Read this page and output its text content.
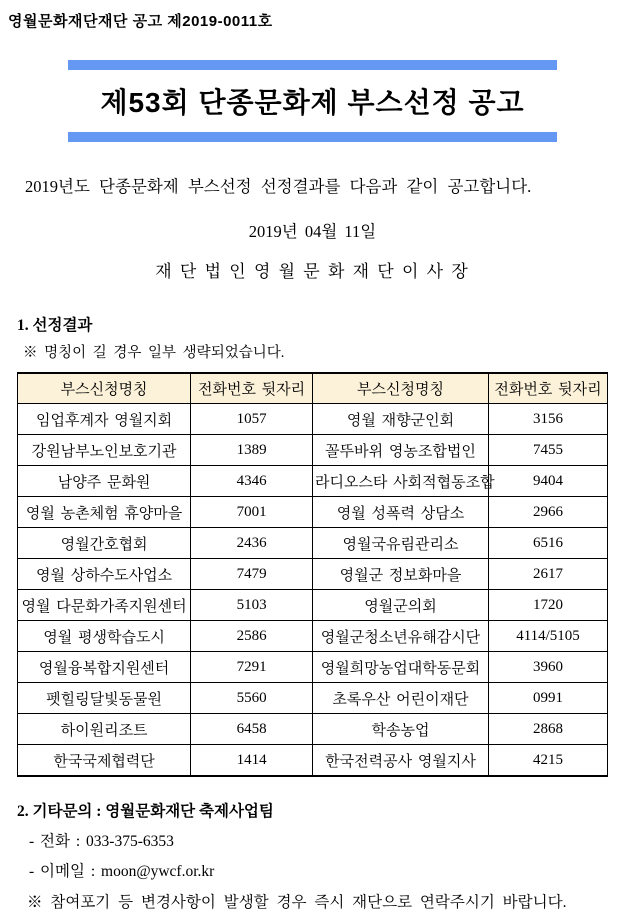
영월문화재단재단 공고 제2019-0011호
제53회 단종문화제 부스선정 공고
2019년도 단종문화제 부스선정 선정결과를 다음과 같이 공고합니다.
2019년 04월 11일
재 단 법 인 영 월 문 화 재 단 이 사 장
1. 선정결과
※ 명칭이 길 경우 일부 생략되었습니다.
부스신청명칭	전화번호 뒷자리	부스신청명칭	전화번호 뒷자리
임업후계자 영월지회	1057	영월 재향군인회	3156
강원남부노인보호기관	1389	꼴뚜바위 영농조합법인	7455
남양주 문화원	4346	라디오스타 사회적협동조합	9404
영월 농촌체험 휴양마을	7001	영월 성폭력 상담소	2966
영월간호협회	2436	영월국유림관리소	6516
영월 상하수도사업소	7479	영월군 정보화마을	2617
영월 다문화가족지원센터	5103	영월군의회	1720
영월 평생학습도시	2586	영월군청소년유해감시단	4114/5105
영월융복합지원센터	7291	영월희망농업대학동문회	3960
펫힐링달빛동물원	5560	초록우산 어린이재단	0991
하이원리조트	6458	학송농업	2868
한국국제협력단	1414	한국전력공사 영월지사	4215
2. 기타문의 : 영월문화재단 축제사업팀
- 전화 : 033-375-6353
- 이메일 : moon@ywcf.or.kr
※ 참여포기 등 변경사항이 발생할 경우 즉시 재단으로 연락주시기 바랍니다.
